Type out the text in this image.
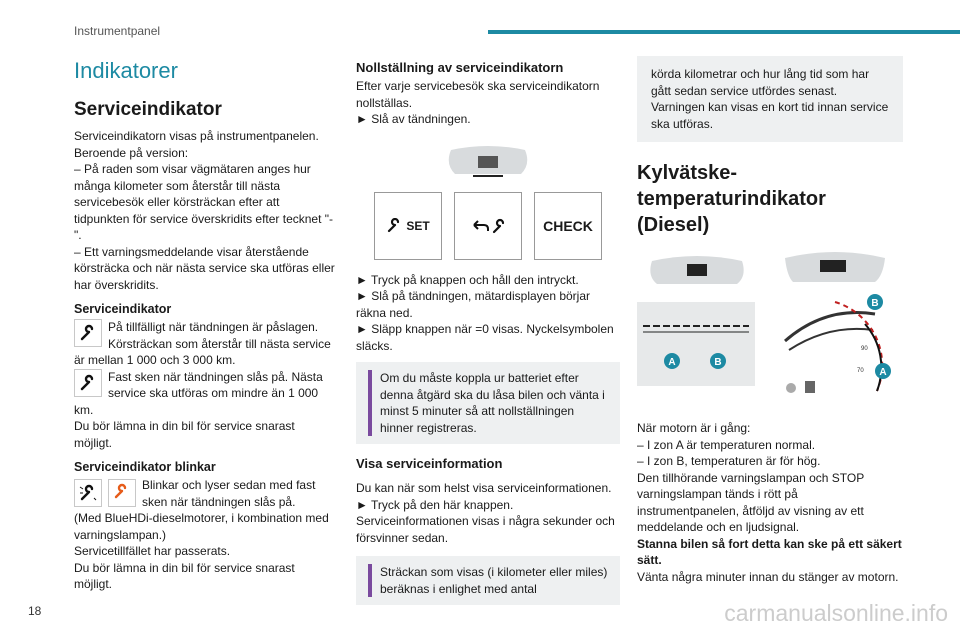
Instrumentpanel
Indikatorer
Serviceindikator

Serviceindikatorn visas på instrumentpanelen. Beroende på version:

– På raden som visar vägmätaren anges hur många kilometer som återstår till nästa servicebesök eller körsträckan efter att tidpunkten för service överskridits efter tecknet "-".

– Ett varningsmeddelande visar återstående körsträcka och när nästa service ska utföras eller har överskridits.

Serviceindikator

På tillfälligt när tändningen är påslagen. Körsträckan som återstår till nästa service är mellan 1 000 och 3 000 km.

Fast sken när tändningen slås på. Nästa service ska utföras om mindre än 1 000 km.

Du bör lämna in din bil för service snarast möjligt.

Serviceindikator blinkar

Blinkar och lyser sedan med fast sken när tändningen slås på.

(Med BlueHDi-dieselmotorer, i kombination med varningslampan.)

Servicetillfället har passerats.

Du bör lämna in din bil för service snarast möjligt.

Nollställning av serviceindikatorn

Efter varje servicebesök ska serviceindikatorn nollställas.

► Slå av tändningen.

SET	CHECK

► Tryck på knappen och håll den intryckt.

► Slå på tändningen, mätardisplayen börjar räkna ned.

► Släpp knappen när =0 visas. Nyckelsymbolen släcks.

Om du måste koppla ur batteriet efter denna åtgärd ska du låsa bilen och vänta i minst 5 minuter så att nollställningen hinner registreras.

Visa serviceinformation

Du kan när som helst visa serviceinformationen.

► Tryck på den här knappen.

Serviceinformationen visas i några sekunder och försvinner sedan.

Sträckan som visas (i kilometer eller miles) beräknas i enlighet med antal

körda kilometrar och hur lång tid som har gått sedan service utfördes senast. Varningen kan visas en kort tid innan service ska utföras.

Kylvätske-temperaturindikator (Diesel)
A	B
90
70
B
A

När motorn är i gång:

– I zon A är temperaturen normal.

– I zon B, temperaturen är för hög.

Den tillhörande varningslampan och STOP varningslampan tänds i rött på instrumentpanelen, åtföljd av visning av ett meddelande och en ljudsignal.

Stanna bilen så fort detta kan ske på ett säkert sätt.

Vänta några minuter innan du stänger av motorn.

18	carmanualsonline.info
